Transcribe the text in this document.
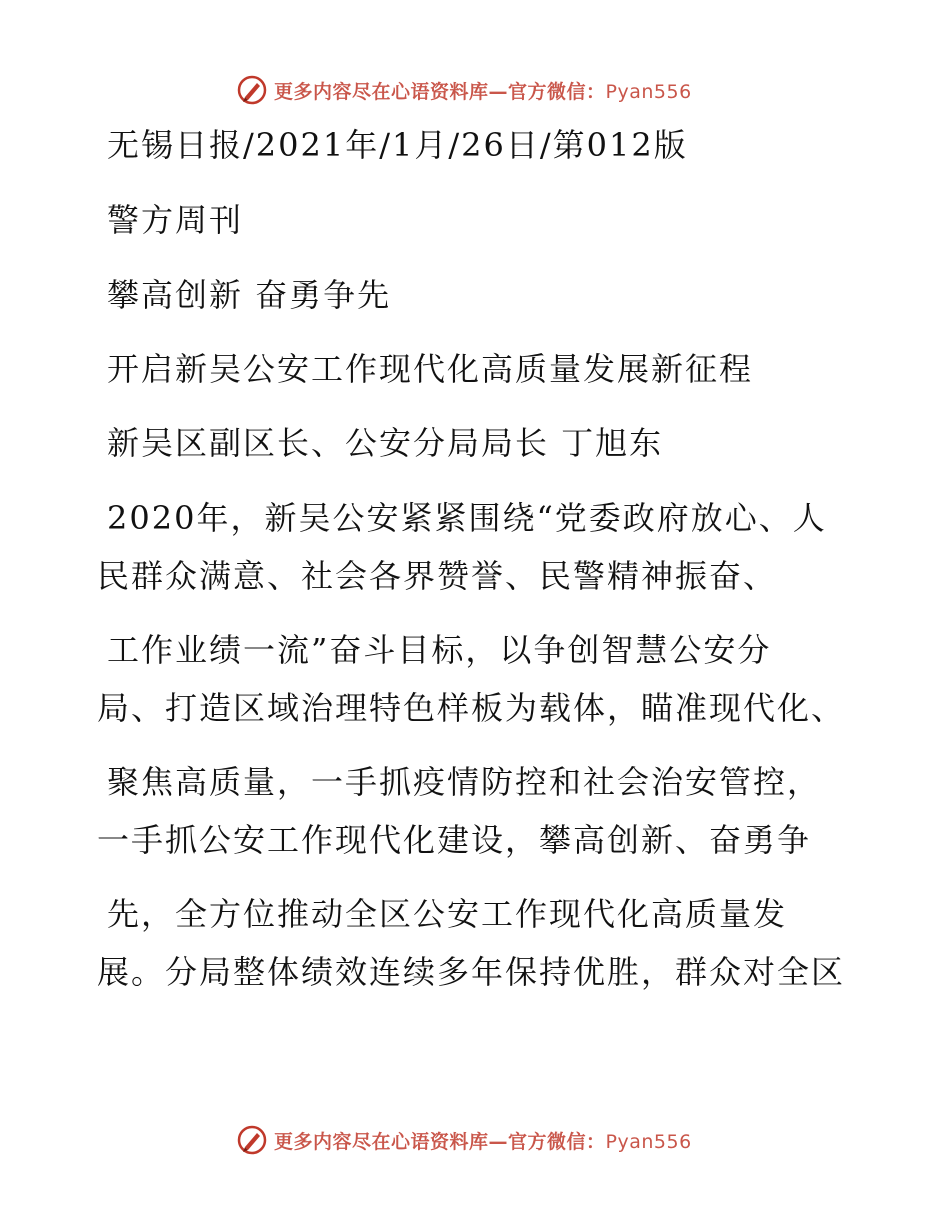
更多内容尽在心语资料库—官方微信：Pyan556
无锡日报/2021年/1月/26日/第012版
警方周刊
攀高创新 奋勇争先
开启新吴公安工作现代化高质量发展新征程
新吴区副区长、公安分局局长 丁旭东
2020年，新吴公安紧紧围绕“党委政府放心、人
民群众满意、社会各界赞誉、民警精神振奋、
工作业绩一流”奋斗目标，以争创智慧公安分
局、打造区域治理特色样板为载体，瞄准现代化、
聚焦高质量，一手抓疫情防控和社会治安管控，
一手抓公安工作现代化建设，攀高创新、奋勇争
先，全方位推动全区公安工作现代化高质量发
展。分局整体绩效连续多年保持优胜，群众对全区
更多内容尽在心语资料库—官方微信：Pyan556
